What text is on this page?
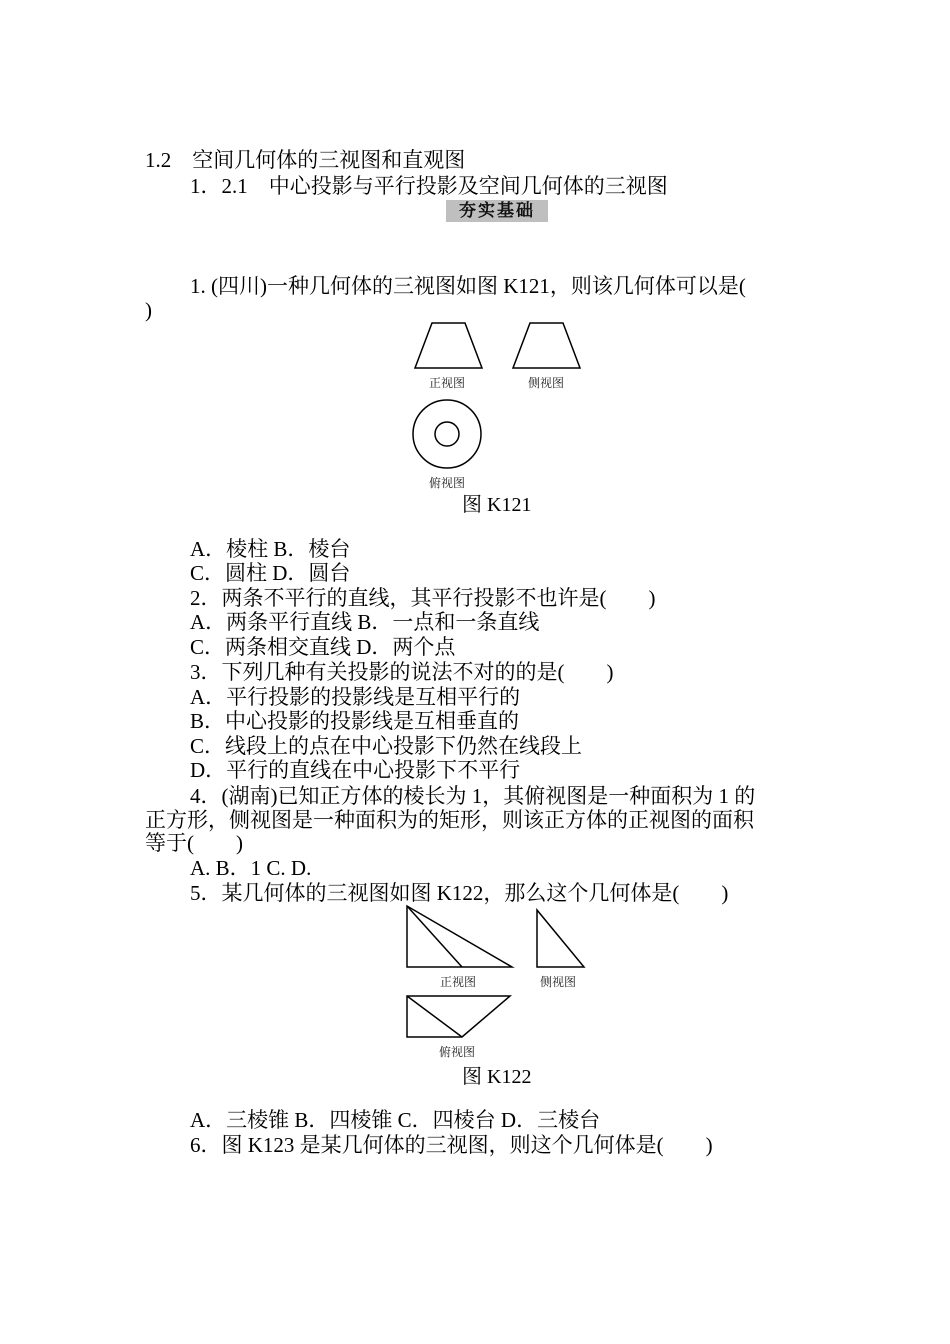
1.2　空间几何体的三视图和直观图
1．2.1　中心投影与平行投影及空间几何体的三视图
夯实基础
1. (四川)一种几何体的三视图如图 K121，则该几何体可以是(
)
正视图	侧视图
俯视图
图 K121
A．棱柱 B．棱台
C．圆柱 D．圆台
2．两条不平行的直线，其平行投影不也许是(　　)
A．两条平行直线 B．一点和一条直线
C．两条相交直线 D．两个点
3．下列几种有关投影的说法不对的的是(　　)
A．平行投影的投影线是互相平行的
B．中心投影的投影线是互相垂直的
C．线段上的点在中心投影下仍然在线段上
D．平行的直线在中心投影下不平行
4．(湖南)已知正方体的棱长为 1，其俯视图是一种面积为 1 的
正方形，侧视图是一种面积为的矩形，则该正方体的正视图的面积
等于(　　)
A. B．1 C. D.
5．某几何体的三视图如图 K122，那么这个几何体是(　　)
正视图	侧视图
俯视图
图 K122
A．三棱锥 B．四棱锥 C．四棱台 D．三棱台
6．图 K123 是某几何体的三视图，则这个几何体是(　　)
